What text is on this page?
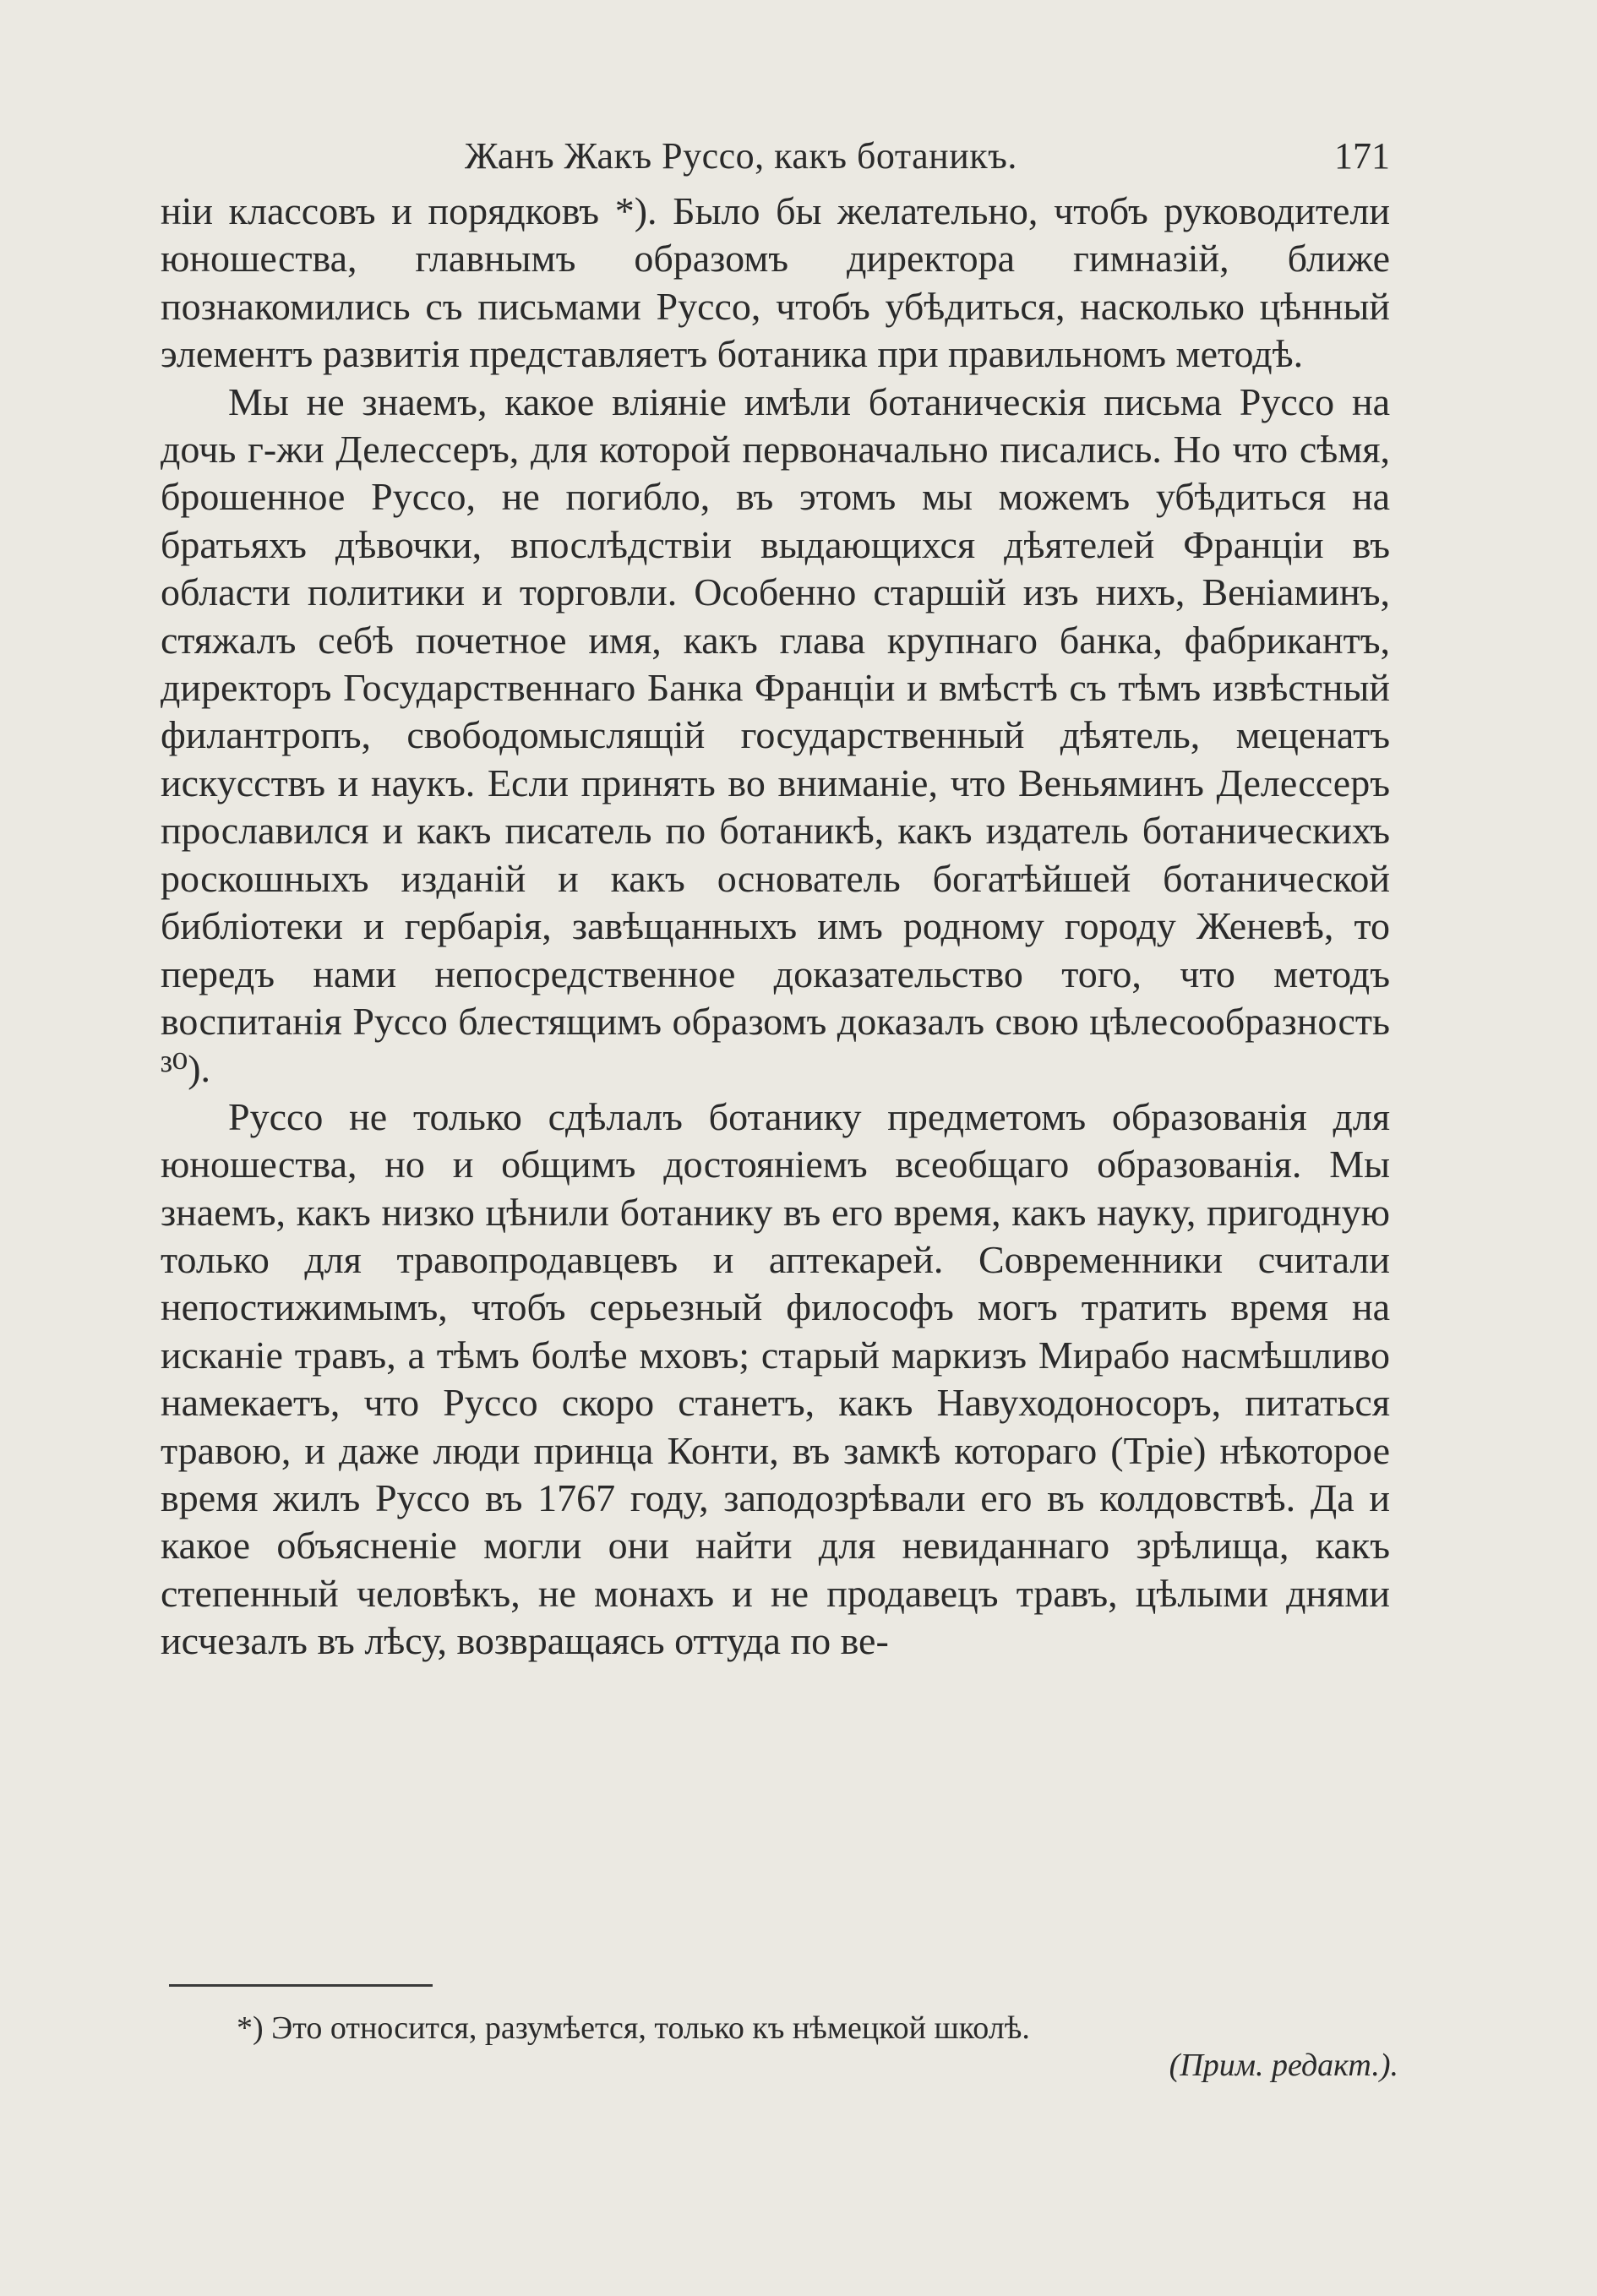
Жанъ Жакъ Руссо, какъ ботаникъ.	171

ніи классовъ и порядковъ *). Было бы желательно, чтобъ руководители юношества, главнымъ образомъ директора гимназій, ближе познакомились съ письмами Руссо, чтобъ убѣдиться, насколько цѣнный элементъ развитія представляетъ ботаника при правильномъ методѣ.

Мы не знаемъ, какое вліяніе имѣли ботаническія письма Руссо на дочь г-жи Делессеръ, для которой первоначально писались. Но что сѣмя, брошенное Руссо, не погибло, въ этомъ мы можемъ убѣдиться на братьяхъ дѣвочки, впослѣдствіи выдающихся дѣятелей Франціи въ области политики и торговли. Особенно старшій изъ нихъ, Веніаминъ, стяжалъ себѣ почетное имя, какъ глава крупнаго банка, фабрикантъ, директоръ Государственнаго Банка Франціи и вмѣстѣ съ тѣмъ извѣстный филантропъ, свободомыслящій государственный дѣятель, меценатъ искусствъ и наукъ. Если принять во вниманіе, что Веньяминъ Делессеръ прославился и какъ писатель по ботаникѣ, какъ издатель ботаническихъ роскошныхъ изданій и какъ основатель богатѣйшей ботанической библіотеки и гербарія, завѣщанныхъ имъ родному городу Женевѣ, то передъ нами непосредственное доказательство того, что методъ воспитанія Руссо блестящимъ образомъ доказалъ свою цѣлесообразность ³⁰).

Руссо не только сдѣлалъ ботанику предметомъ образованія для юношества, но и общимъ достояніемъ всеобщаго образованія. Мы знаемъ, какъ низко цѣнили ботанику въ его время, какъ науку, пригодную только для травопродавцевъ и аптекарей. Современники считали непостижимымъ, чтобъ серьезный философъ могъ тратить время на исканіе травъ, а тѣмъ болѣе мховъ; старый маркизъ Мирабо насмѣшливо намекаетъ, что Руссо скоро станетъ, какъ Навуходоносоръ, питаться травою, и даже люди принца Конти, въ замкѣ котораго (Тріе) нѣкоторое время жилъ Руссо въ 1767 году, заподозрѣвали его въ колдовствѣ. Да и какое объясненіе могли они найти для невиданнаго зрѣлища, какъ степенный человѣкъ, не монахъ и не продавецъ травъ, цѣлыми днями исчезалъ въ лѣсу, возвращаясь оттуда по ве-

*) Это относится, разумѣется, только къ нѣмецкой школѣ.
(Прим. редакт.).
